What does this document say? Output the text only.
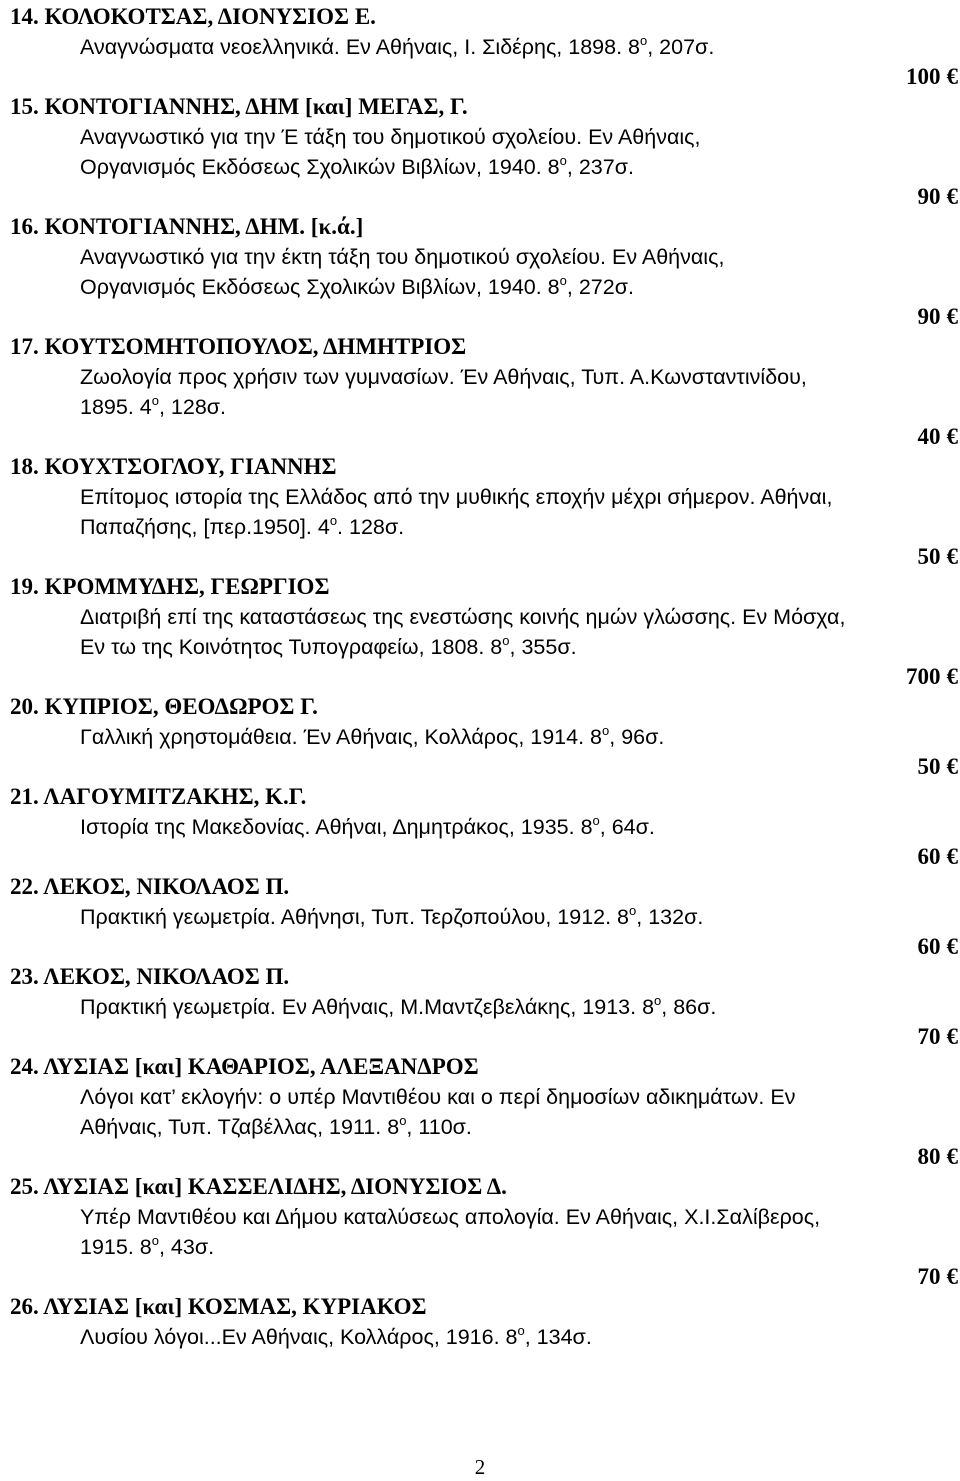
14. ΚΟΛΟΚΟΤΣΑΣ, ΔΙΟΝΥΣΙΟΣ Ε.
Αναγνώσματα νεοελληνικά. Εν Αθήναις, Ι. Σιδέρης, 1898. $8^o$, 207σ.
100 €
15. ΚΟΝΤΟΓΙΑΝΝΗΣ, ΔΗΜ [και] ΜΕΓΑΣ, Γ.
Αναγνωστικό για την Έ τάξη του δημοτικού σχολείου. Εν Αθήναις,
Οργανισμός Εκδόσεως Σχολικών Βιβλίων, 1940. $8^o$, 237σ.
90 €
16. ΚΟΝΤΟΓΙΑΝΝΗΣ, ΔΗΜ. [κ.ά.]
Αναγνωστικό για την έκτη τάξη του δημοτικού σχολείου. Εν Αθήναις,
Οργανισμός Εκδόσεως Σχολικών Βιβλίων, 1940. $8^o$, 272σ.
90 €
17. ΚΟΥΤΣΟΜΗΤΟΠΟΥΛΟΣ, ΔΗΜΗΤΡΙΟΣ
Ζωολογία προς χρήσιν των γυμνασίων. Έν Αθήναις, Τυπ. Α.Κωνσταντινίδου,
1895. $4^o$, 128σ.
40 €
18. ΚΟΥΧΤΣΟΓΛΟΥ, ΓΙΑΝΝΗΣ
Επίτομος ιστορία της Ελλάδος από την μυθικής εποχήν μέχρι σήμερον. Αθήναι,
Παπαζήσης, [περ.1950]. $4^o$. 128σ.
50 €
19. ΚΡΟΜΜΥΔΗΣ, ΓΕΩΡΓΙΟΣ
Διατριβή επί της καταστάσεως της ενεστώσης κοινής ημών γλώσσης. Εν Μόσχα,
Εν τω της Κοινότητος Τυπογραφείω, 1808. $8^o$, 355σ.
700 €
20. ΚΥΠΡΙΟΣ, ΘΕΟΔΩΡΟΣ Γ.
Γαλλική χρηστομάθεια. Έν Αθήναις, Κολλάρος, 1914. $8^o$, 96σ.
50 €
21. ΛΑΓΟΥΜΙΤΖΑΚΗΣ, Κ.Γ.
Ιστορία της Μακεδονίας. Αθήναι, Δημητράκος, 1935. $8^o$, 64σ.
60 €
22. ΛΕΚΟΣ, ΝΙΚΟΛΑΟΣ Π.
Πρακτική γεωμετρία. Αθήνησι, Τυπ. Τερζοπούλου, 1912. $8^o$, 132σ.
60 €
23. ΛΕΚΟΣ, ΝΙΚΟΛΑΟΣ Π.
Πρακτική γεωμετρία. Εν Αθήναις, Μ.Μαντζεβελάκης, 1913. $8^o$, 86σ.
70 €
24. ΛΥΣΙΑΣ [και] ΚΑΘΑΡΙΟΣ, ΑΛΕΞΑΝΔΡΟΣ
Λόγοι κατ’ εκλογήν: ο υπέρ Μαντιθέου και ο περί δημοσίων αδικημάτων. Εν
Αθήναις, Τυπ. Τζαβέλλας, 1911. $8^o$, 110σ.
80 €
25. ΛΥΣΙΑΣ [και] ΚΑΣΣΕΛΙΔΗΣ, ΔΙΟΝΥΣΙΟΣ Δ.
Υπέρ Μαντιθέου και Δήμου καταλύσεως απολογία. Εν Αθήναις, Χ.Ι.Σαλίβερος,
1915. $8^o$, 43σ.
70 €
26. ΛΥΣΙΑΣ [και] ΚΟΣΜΑΣ, ΚΥΡΙΑΚΟΣ
Λυσίου λόγοι...Εν Αθήναις, Κολλάρος, 1916. $8^o$, 134σ.
2
